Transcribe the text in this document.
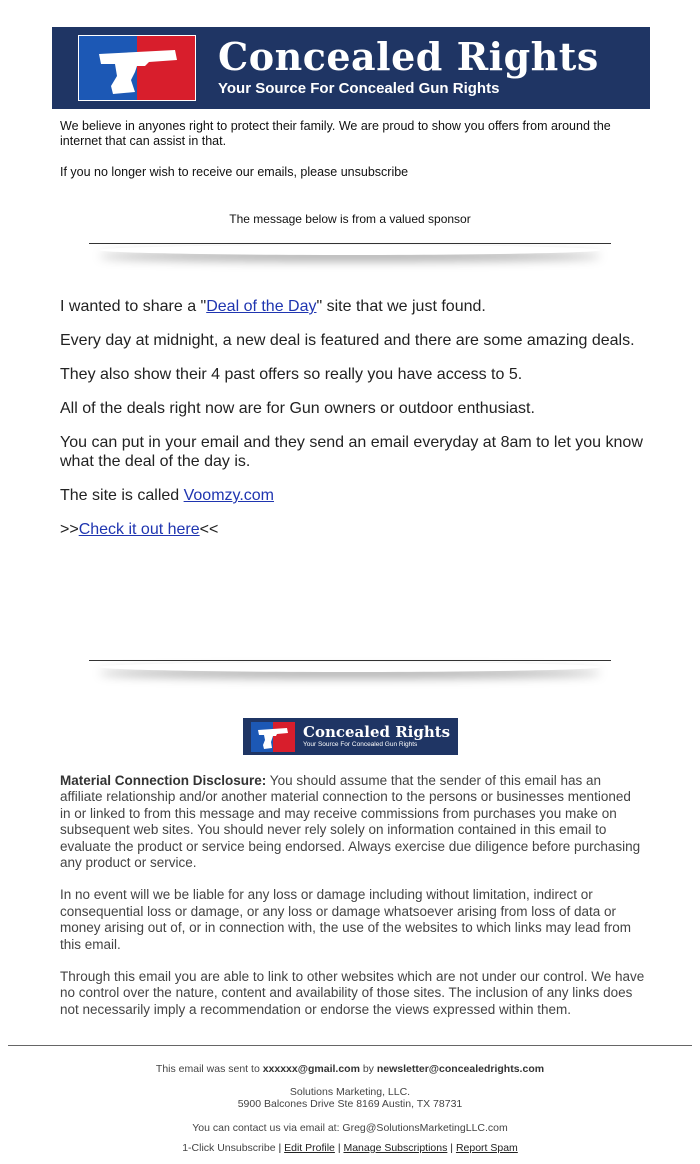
Concealed Rights
Your Source For Concealed Gun Rights

We believe in anyones right to protect their family. We are proud to show you offers from around the internet that can assist in that.

If you no longer wish to receive our emails, please unsubscribe
The message below is from a valued sponsor

I wanted to share a "Deal of the Day" site that we just found.

Every day at midnight, a new deal is featured and there are some amazing deals.

They also show their 4 past offers so really you have access to 5.

All of the deals right now are for Gun owners or outdoor enthusiast.

You can put in your email and they send an email everyday at 8am to let you know what the deal of the day is.

The site is called Voomzy.com

>>Check it out here<<

Concealed Rights
Your Source For Concealed Gun Rights

Material Connection Disclosure: You should assume that the sender of this email has an affiliate relationship and/or another material connection to the persons or businesses mentioned in or linked to from this message and may receive commissions from purchases you make on subsequent web sites. You should never rely solely on information contained in this email to evaluate the product or service being endorsed. Always exercise due diligence before purchasing any product or service.

In no event will we be liable for any loss or damage including without limitation, indirect or consequential loss or damage, or any loss or damage whatsoever arising from loss of data or money arising out of, or in connection with, the use of the websites to which links may lead from this email.

Through this email you are able to link to other websites which are not under our control. We have no control over the nature, content and availability of those sites. The inclusion of any links does not necessarily imply a recommendation or endorse the views expressed within them.

This email was sent to xxxxxx@gmail.com by newsletter@concealedrights.com

Solutions Marketing, LLC.

5900 Balcones Drive Ste 8169 Austin, TX 78731

You can contact us via email at: Greg@SolutionsMarketingLLC.com

1-Click Unsubscribe | Edit Profile | Manage Subscriptions | Report Spam
